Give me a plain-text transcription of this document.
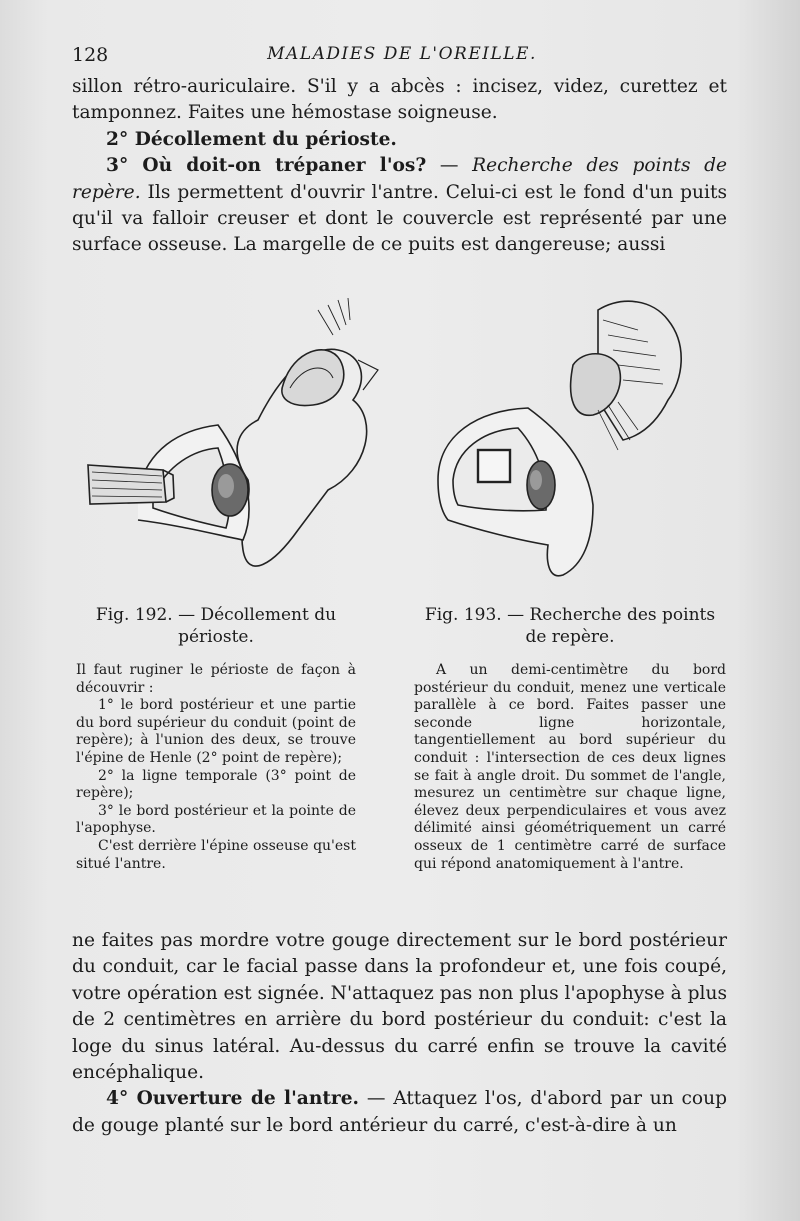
128	MALADIES DE L'OREILLE.

sillon rétro-auriculaire. S'il y a abcès : incisez, videz, curettez et tamponnez. Faites une hémostase soigneuse.

2° Décollement du périoste.

3° Où doit-on trépaner l'os? — Recherche des points de repère. Ils permettent d'ouvrir l'antre. Celui-ci est le fond d'un puits qu'il va falloir creuser et dont le couvercle est représenté par une surface osseuse. La margelle de ce puits est dangereuse; aussi

Fig. 192. — Décollement du périoste.

Il faut ruginer le périoste de façon à découvrir :

1° le bord postérieur et une partie du bord supérieur du conduit (point de repère); à l'union des deux, se trouve l'épine de Henle (2° point de repère);

2° la ligne temporale (3° point de repère);

3° le bord postérieur et la pointe de l'apophyse.

C'est derrière l'épine osseuse qu'est situé l'antre.

Fig. 193. — Recherche des points de repère.

A un demi-centimètre du bord postérieur du conduit, menez une verticale parallèle à ce bord. Faites passer une seconde ligne horizontale, tangentiellement au bord supérieur du conduit : l'intersection de ces deux lignes se fait à angle droit. Du sommet de l'angle, mesurez un centimètre sur chaque ligne, élevez deux perpendiculaires et vous avez délimité ainsi géométriquement un carré osseux de 1 centimètre carré de surface qui répond anatomiquement à l'antre.

ne faites pas mordre votre gouge directement sur le bord postérieur du conduit, car le facial passe dans la profondeur et, une fois coupé, votre opération est signée. N'attaquez pas non plus l'apophyse à plus de 2 centimètres en arrière du bord postérieur du conduit: c'est la loge du sinus latéral. Au-dessus du carré enfin se trouve la cavité encéphalique.

4° Ouverture de l'antre. — Attaquez l'os, d'abord par un coup de gouge planté sur le bord antérieur du carré, c'est-à-dire à un
